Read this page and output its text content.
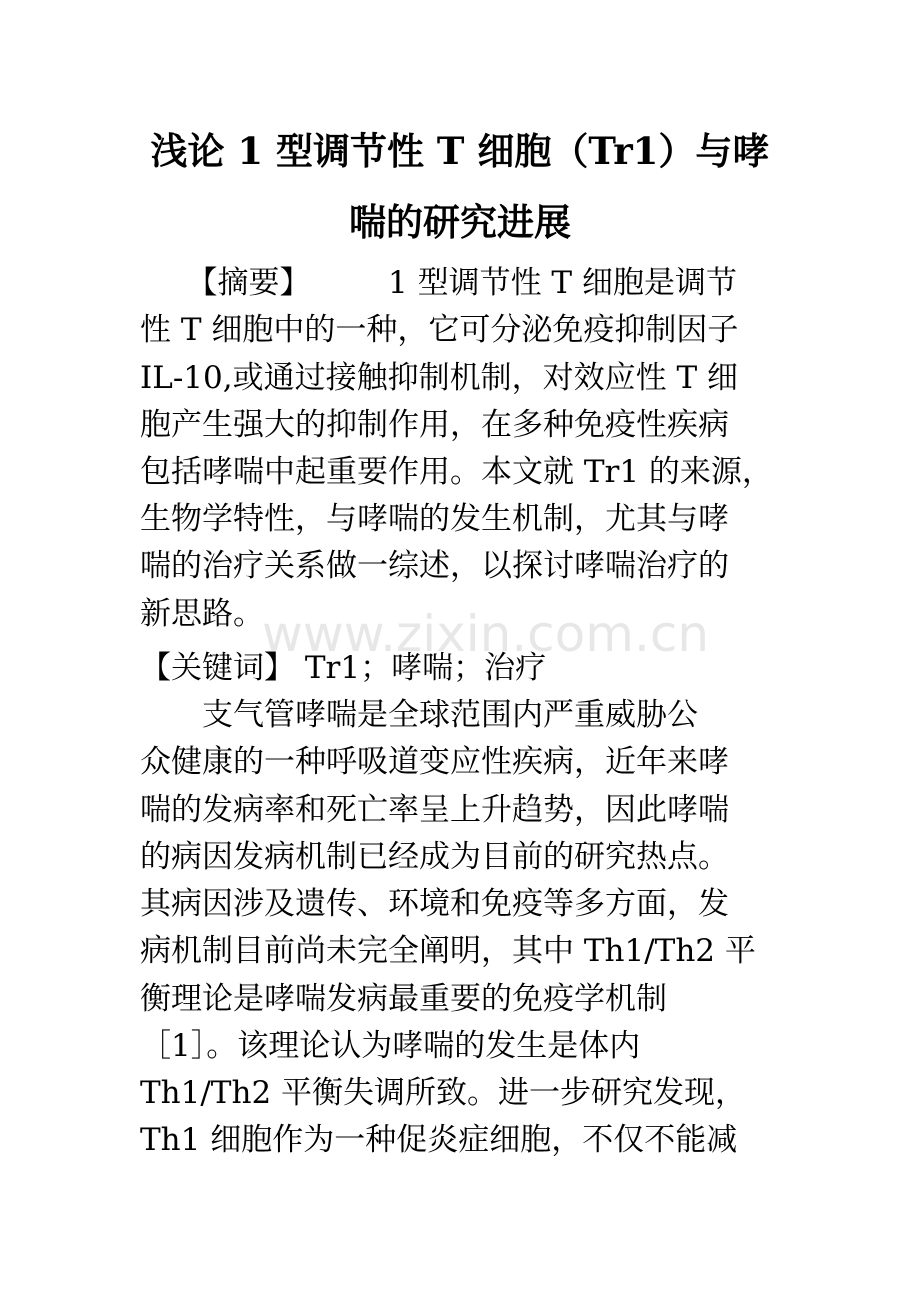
浅论 1 型调节性 T 细胞（Tr1）与哮
喘的研究进展
　　【摘要】　　　1 型调节性 T 细胞是调节
性 T 细胞中的一种，它可分泌免疫抑制因子
IL-10,或通过接触抑制机制，对效应性 T 细
胞产生强大的抑制作用，在多种免疫性疾病
包括哮喘中起重要作用。本文就 Tr1 的来源，
生物学特性，与哮喘的发生机制，尤其与哮
喘的治疗关系做一综述，以探讨哮喘治疗的
新思路。
【关键词】 Tr1；哮喘；治疗
　　支气管哮喘是全球范围内严重威胁公
众健康的一种呼吸道变应性疾病，近年来哮
喘的发病率和死亡率呈上升趋势，因此哮喘
的病因发病机制已经成为目前的研究热点。
其病因涉及遗传、环境和免疫等多方面，发
病机制目前尚未完全阐明，其中 Th1/Th2 平
衡理论是哮喘发病最重要的免疫学机制
［1］。该理论认为哮喘的发生是体内
Th1/Th2 平衡失调所致。进一步研究发现，
Th1 细胞作为一种促炎症细胞，不仅不能减
www.zixin.com.cn
